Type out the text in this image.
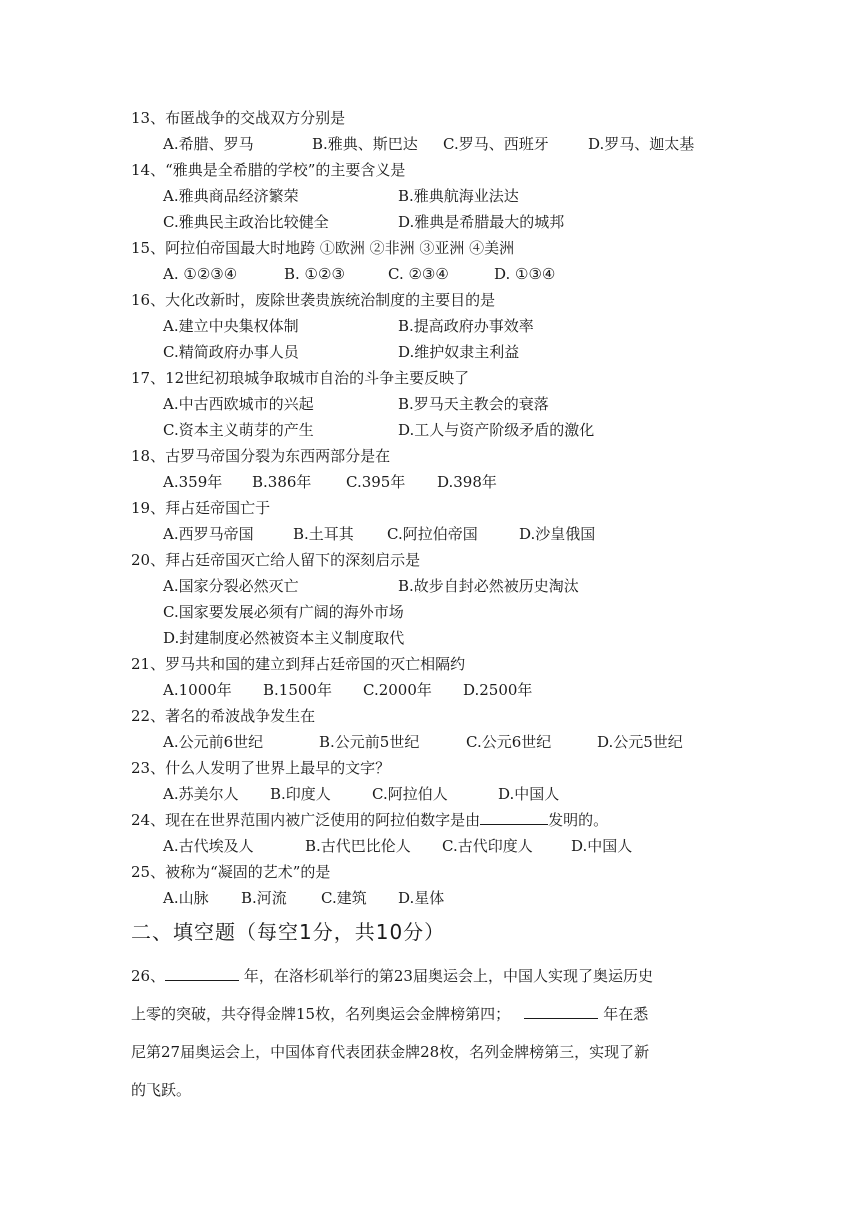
13、布匿战争的交战双方分别是
A.希腊、罗马	B.雅典、斯巴达 C.罗马、西班牙	D.罗马、迦太基
14、“雅典是全希腊的学校”的主要含义是
A.雅典商品经济繁荣	B.雅典航海业法达
C.雅典民主政治比较健全	D.雅典是希腊最大的城邦
15、阿拉伯帝国最大时地跨 ①欧洲 ②非洲 ③亚洲 ④美洲
A. ①②③④	B. ①②③	C. ②③④	D. ①③④
16、大化改新时，废除世袭贵族统治制度的主要目的是
A.建立中央集权体制	B.提高政府办事效率
C.精简政府办事人员	D.维护奴隶主利益
17、12世纪初琅城争取城市自治的斗争主要反映了
A.中古西欧城市的兴起	B.罗马天主教会的衰落
C.资本主义萌芽的产生	D.工人与资产阶级矛盾的激化
18、古罗马帝国分裂为东西两部分是在
A.359年 B.386年 C.395年 D.398年
19、拜占廷帝国亡于
A.西罗马帝国	B.土耳其 C.阿拉伯帝国	D.沙皇俄国
20、拜占廷帝国灭亡给人留下的深刻启示是
A.国家分裂必然灭亡	B.故步自封必然被历史淘汰
C.国家要发展必须有广阔的海外市场
D.封建制度必然被资本主义制度取代
21、罗马共和国的建立到拜占廷帝国的灭亡相隔约
A.1000年 B.1500年 C.2000年 D.2500年
22、著名的希波战争发生在
A.公元前6世纪	B.公元前5世纪	C.公元6世纪	D.公元5世纪
23、什么人发明了世界上最早的文字？
A.苏美尔人 B.印度人	C.阿拉伯人	D.中国人
24、现在在世界范围内被广泛使用的阿拉伯数字是由	发明的。
A.古代埃及人	B.古代巴比伦人 C.古代印度人	D.中国人
25、被称为“凝固的艺术”的是
A.山脉 B.河流 C.建筑 D.星体
二、填空题（每空1分，共10分）
26、	年，在洛杉矶举行的第23届奥运会上，中国人实现了奥运历史
上零的突破，共夺得金牌15枚，名列奥运会金牌榜第四；	年在悉
尼第27届奥运会上，中国体育代表团获金牌28枚，名列金牌榜第三，实现了新
的飞跃。
